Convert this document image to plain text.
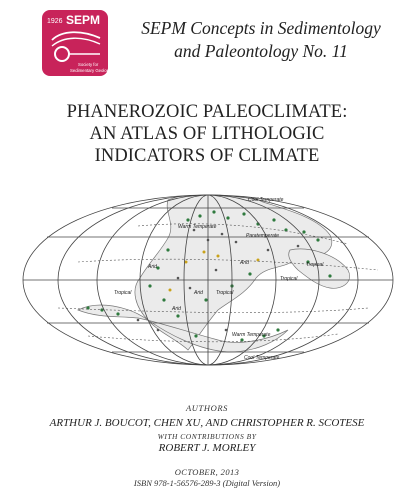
1926 SEPM
Society for
Sedimentary Geology
SEPM Concepts in Sedimentology
and Paleontology No. 11
PHANEROZOIC PALEOCLIMATE:
AN ATLAS OF LITHOLOGIC
INDICATORS OF CLIMATE
Cool Temperate
Warm Temperate
Paratemperate
Arid
Arid	Tropical
Tropical	Arid	Tropical
Tropical
Arid
Warm Temperate
Cool Temperate
AUTHORS
ARTHUR J. BOUCOT, CHEN XU, AND CHRISTOPHER R. SCOTESE
WITH CONTRIBUTIONS BY
ROBERT J. MORLEY
OCTOBER, 2013
ISBN 978-1-56576-289-3 (Digital Version)
